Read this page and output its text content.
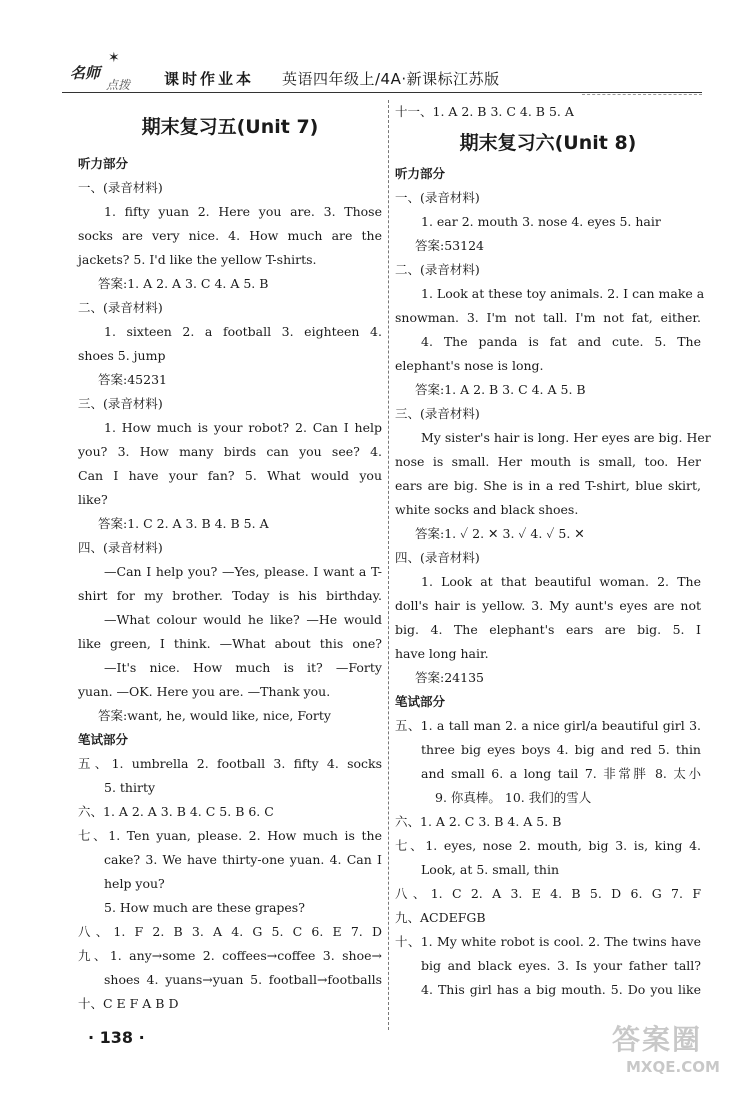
✶
名师
点拨 课时作业本 英语四年级上/4A·新课标江苏版
期末复习五(Unit 7)
听力部分
一、(录音材料)
1. fifty yuan 2. Here you are. 3. Those
socks are very nice. 4. How much are the
jackets? 5. I'd like the yellow T-shirts.
答案:1. A 2. A 3. C 4. A 5. B
二、(录音材料)
1. sixteen 2. a football 3. eighteen 4.
shoes 5. jump
答案:45231
三、(录音材料)
1. How much is your robot? 2. Can I help
you? 3. How many birds can you see? 4.
Can I have your fan? 5. What would you
like?
答案:1. C 2. A 3. B 4. B 5. A
四、(录音材料)
—Can I help you? —Yes, please. I want a T-
shirt for my brother. Today is his birthday.
—What colour would he like? —He would
like green, I think. —What about this one?
—It's nice. How much is it? —Forty
yuan. —OK. Here you are. —Thank you.
答案:want, he, would like, nice, Forty
笔试部分
五、1. umbrella 2. football 3. fifty 4. socks
5. thirty
六、1. A 2. A 3. B 4. C 5. B 6. C
七、1. Ten yuan, please. 2. How much is the
cake? 3. We have thirty-one yuan. 4. Can I
help you?
5. How much are these grapes?
八、1. F 2. B 3. A 4. G 5. C 6. E 7. D
九、1. any→some 2. coffees→coffee 3. shoe→
shoes 4. yuans→yuan 5. football→footballs
十、C E F A B D
十一、1. A 2. B 3. C 4. B 5. A
期末复习六(Unit 8)
听力部分
一、(录音材料)
1. ear 2. mouth 3. nose 4. eyes 5. hair
答案:53124
二、(录音材料)
1. Look at these toy animals. 2. I can make a
snowman. 3. I'm not tall. I'm not fat, either.
4. The panda is fat and cute. 5. The
elephant's nose is long.
答案:1. A 2. B 3. C 4. A 5. B
三、(录音材料)
My sister's hair is long. Her eyes are big. Her
nose is small. Her mouth is small, too. Her
ears are big. She is in a red T-shirt, blue skirt,
white socks and black shoes.
答案:1. ✓ 2. ✕ 3. ✓ 4. ✓ 5. ✕
四、(录音材料)
1. Look at that beautiful woman. 2. The
doll's hair is yellow. 3. My aunt's eyes are not
big. 4. The elephant's ears are big. 5. I
have long hair.
答案:24135
笔试部分
五、1. a tall man 2. a nice girl/a beautiful girl 3.
three big eyes boys 4. big and red 5. thin
and small 6. a long tail 7. 非常胖 8. 太小
9. 你真棒。 10. 我们的雪人
六、1. A 2. C 3. B 4. A 5. B
七、1. eyes, nose 2. mouth, big 3. is, king 4.
Look, at 5. small, thin
八、1. C 2. A 3. E 4. B 5. D 6. G 7. F
九、ACDEFGB
十、1. My white robot is cool. 2. The twins have
big and black eyes. 3. Is your father tall?
4. This girl has a big mouth. 5. Do you like
· 138 ·	答案圈
MXQE.COM
